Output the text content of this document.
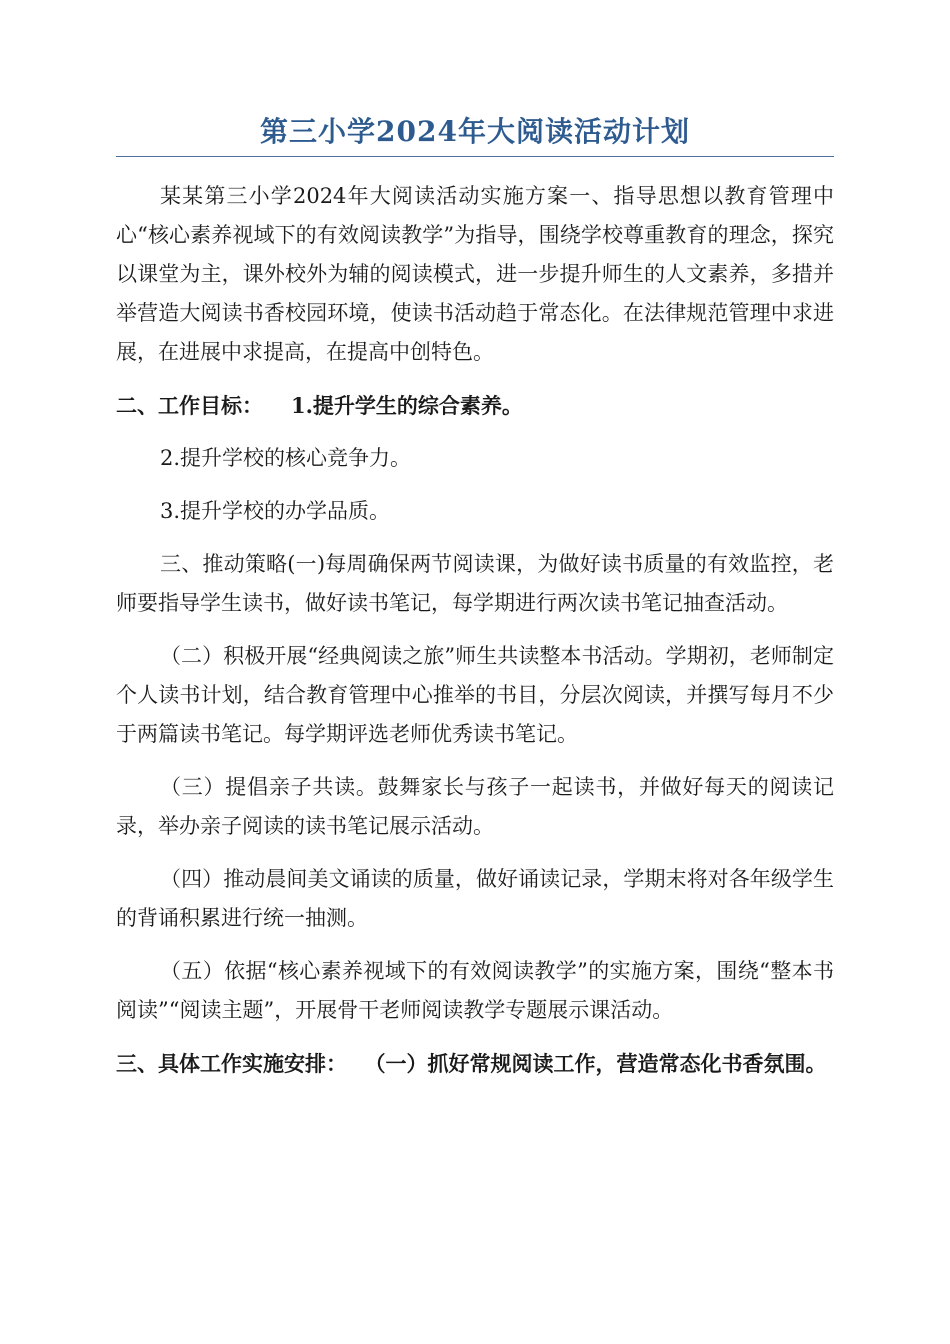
第三小学2024年大阅读活动计划

某某第三小学2024年大阅读活动实施方案一、指导思想以教育管理中心“核心素养视域下的有效阅读教学”为指导，围绕学校尊重教育的理念，探究以课堂为主，课外校外为辅的阅读模式，进一步提升师生的人文素养，多措并举营造大阅读书香校园环境，使读书活动趋于常态化。在法律规范管理中求进展，在进展中求提高，在提高中创特色。

二、工作目标： 1.提升学生的综合素养。

2.提升学校的核心竞争力。

3.提升学校的办学品质。

三、推动策略(一)每周确保两节阅读课，为做好读书质量的有效监控，老师要指导学生读书，做好读书笔记，每学期进行两次读书笔记抽查活动。

（二）积极开展“经典阅读之旅”师生共读整本书活动。学期初，老师制定个人读书计划，结合教育管理中心推举的书目，分层次阅读，并撰写每月不少于两篇读书笔记。每学期评选老师优秀读书笔记。

（三）提倡亲子共读。鼓舞家长与孩子一起读书，并做好每天的阅读记录，举办亲子阅读的读书笔记展示活动。

（四）推动晨间美文诵读的质量，做好诵读记录，学期末将对各年级学生的背诵积累进行统一抽测。

（五）依据“核心素养视域下的有效阅读教学”的实施方案，围绕“整本书阅读”“阅读主题”，开展骨干老师阅读教学专题展示课活动。

三、具体工作实施安排： （一）抓好常规阅读工作，营造常态化书香氛围。
